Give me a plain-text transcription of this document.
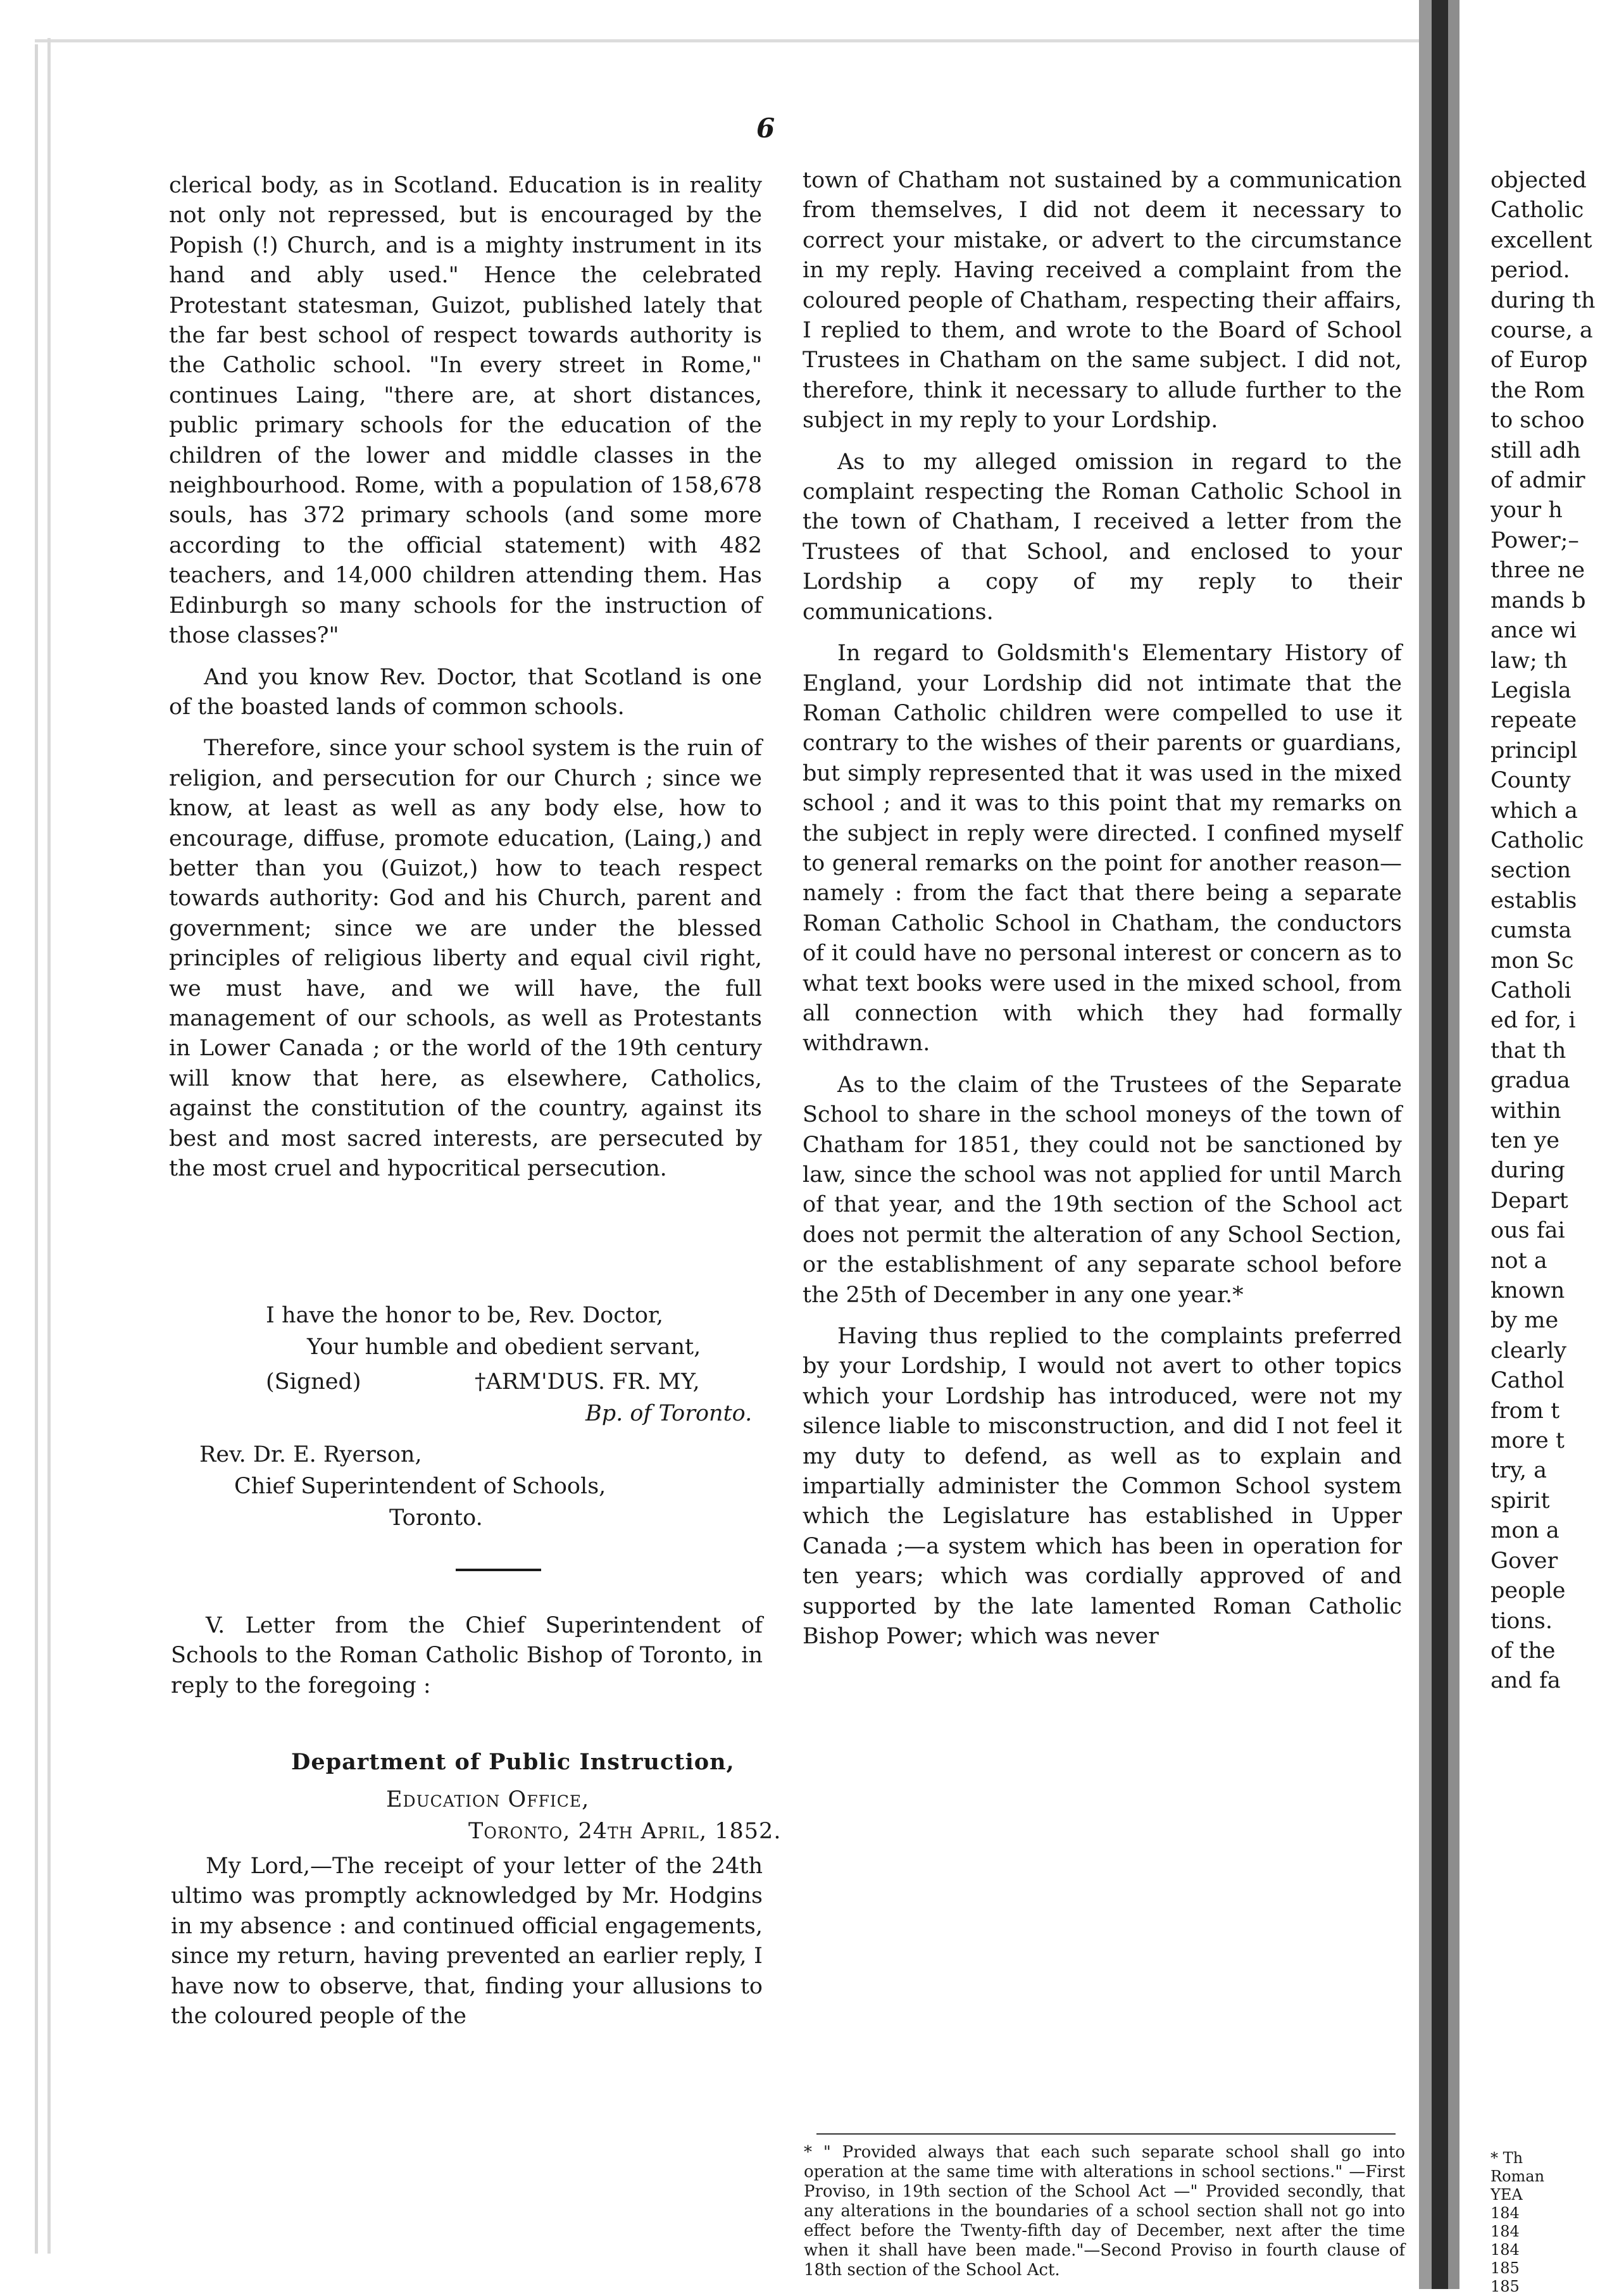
6

clerical body, as in Scotland. Education is in reality not only not repressed, but is encouraged by the Popish (!) Church, and is a mighty instrument in its hand and ably used." Hence the celebrated Protestant statesman, Guizot, published lately that the far best school of respect towards authority is the Catholic school. "In every street in Rome," continues Laing, "there are, at short distances, public primary schools for the education of the children of the lower and middle classes in the neighbourhood. Rome, with a population of 158,678 souls, has 372 primary schools (and some more according to the official statement) with 482 teachers, and 14,000 children attending them. Has Edinburgh so many schools for the instruction of those classes?"

And you know Rev. Doctor, that Scotland is one of the boasted lands of common schools.

Therefore, since your school system is the ruin of religion, and persecution for our Church ; since we know, at least as well as any body else, how to encourage, diffuse, promote education, (Laing,) and better than you (Guizot,) how to teach respect towards authority: God and his Church, parent and government; since we are under the blessed principles of religious liberty and equal civil right, we must have, and we will have, the full management of our schools, as well as Protestants in Lower Canada ; or the world of the 19th century will know that here, as elsewhere, Catholics, against the constitution of the country, against its best and most sacred interests, are persecuted by the most cruel and hypocritical persecution.

I have the honor to be, Rev. Doctor,
Your humble and obedient servant,
(Signed)	†ARM'DUS. FR. MY,
Bp. of Toronto.
Rev. Dr. E. Ryerson,
Chief Superintendent of Schools,
Toronto.

V. Letter from the Chief Superintendent of Schools to the Roman Catholic Bishop of Toronto, in reply to the foregoing :

Department of Public Instruction,
Education Office,
Toronto, 24th April, 1852.

My Lord,—The receipt of your letter of the 24th ultimo was promptly acknowledged by Mr. Hodgins in my absence : and continued official engagements, since my return, having prevented an earlier reply, I have now to observe, that, finding your allusions to the coloured people of the

town of Chatham not sustained by a communication from themselves, I did not deem it necessary to correct your mistake, or advert to the circumstance in my reply. Having received a complaint from the coloured people of Chatham, respecting their affairs, I replied to them, and wrote to the Board of School Trustees in Chatham on the same subject. I did not, therefore, think it necessary to allude further to the subject in my reply to your Lordship.

As to my alleged omission in regard to the complaint respecting the Roman Catholic School in the town of Chatham, I received a letter from the Trustees of that School, and enclosed to your Lordship a copy of my reply to their communications.

In regard to Goldsmith's Elementary History of England, your Lordship did not intimate that the Roman Catholic children were compelled to use it contrary to the wishes of their parents or guardians, but simply represented that it was used in the mixed school ; and it was to this point that my remarks on the subject in reply were directed. I confined myself to general remarks on the point for another reason—namely : from the fact that there being a separate Roman Catholic School in Chatham, the conductors of it could have no personal interest or concern as to what text books were used in the mixed school, from all connection with which they had formally withdrawn.

As to the claim of the Trustees of the Separate School to share in the school moneys of the town of Chatham for 1851, they could not be sanctioned by law, since the school was not applied for until March of that year, and the 19th section of the School act does not permit the alteration of any School Section, or the establishment of any separate school before the 25th of December in any one year.*

Having thus replied to the complaints preferred by your Lordship, I would not avert to other topics which your Lordship has introduced, were not my silence liable to misconstruction, and did I not feel it my duty to defend, as well as to explain and impartially administer the Common School system which the Legislature has established in Upper Canada ;—a system which has been in operation for ten years; which was cordially approved of and supported by the late lamented Roman Catholic Bishop Power; which was never

* " Provided always that each such separate school shall go into operation at the same time with alterations in school sections." —First Proviso, in 19th section of the School Act —" Provided secondly, that any alterations in the boundaries of a school section shall not go into effect before the Twenty-fifth day of December, next after the time when it shall have been made."—Second Proviso in fourth clause of 18th section of the School Act.
objected
Catholic
excellent
period.
during th
course, a
of Europ
the Rom
to schoo
still adh
of admir
your h
Power;–
three ne
mands b
ance wi
law; th
Legisla
repeate
principl
County
which a
Catholic
section
establis
cumsta
mon Sc
Catholi
ed for, i
that th
gradua
within
ten ye
during
Depart
ous fai
not a
known
by me
clearly
Cathol
from t
more t
try, a
spirit
mon a
Gover
people
tions.
of the
and fa
* Th
Roman
YEA
184
184
184
185
185
